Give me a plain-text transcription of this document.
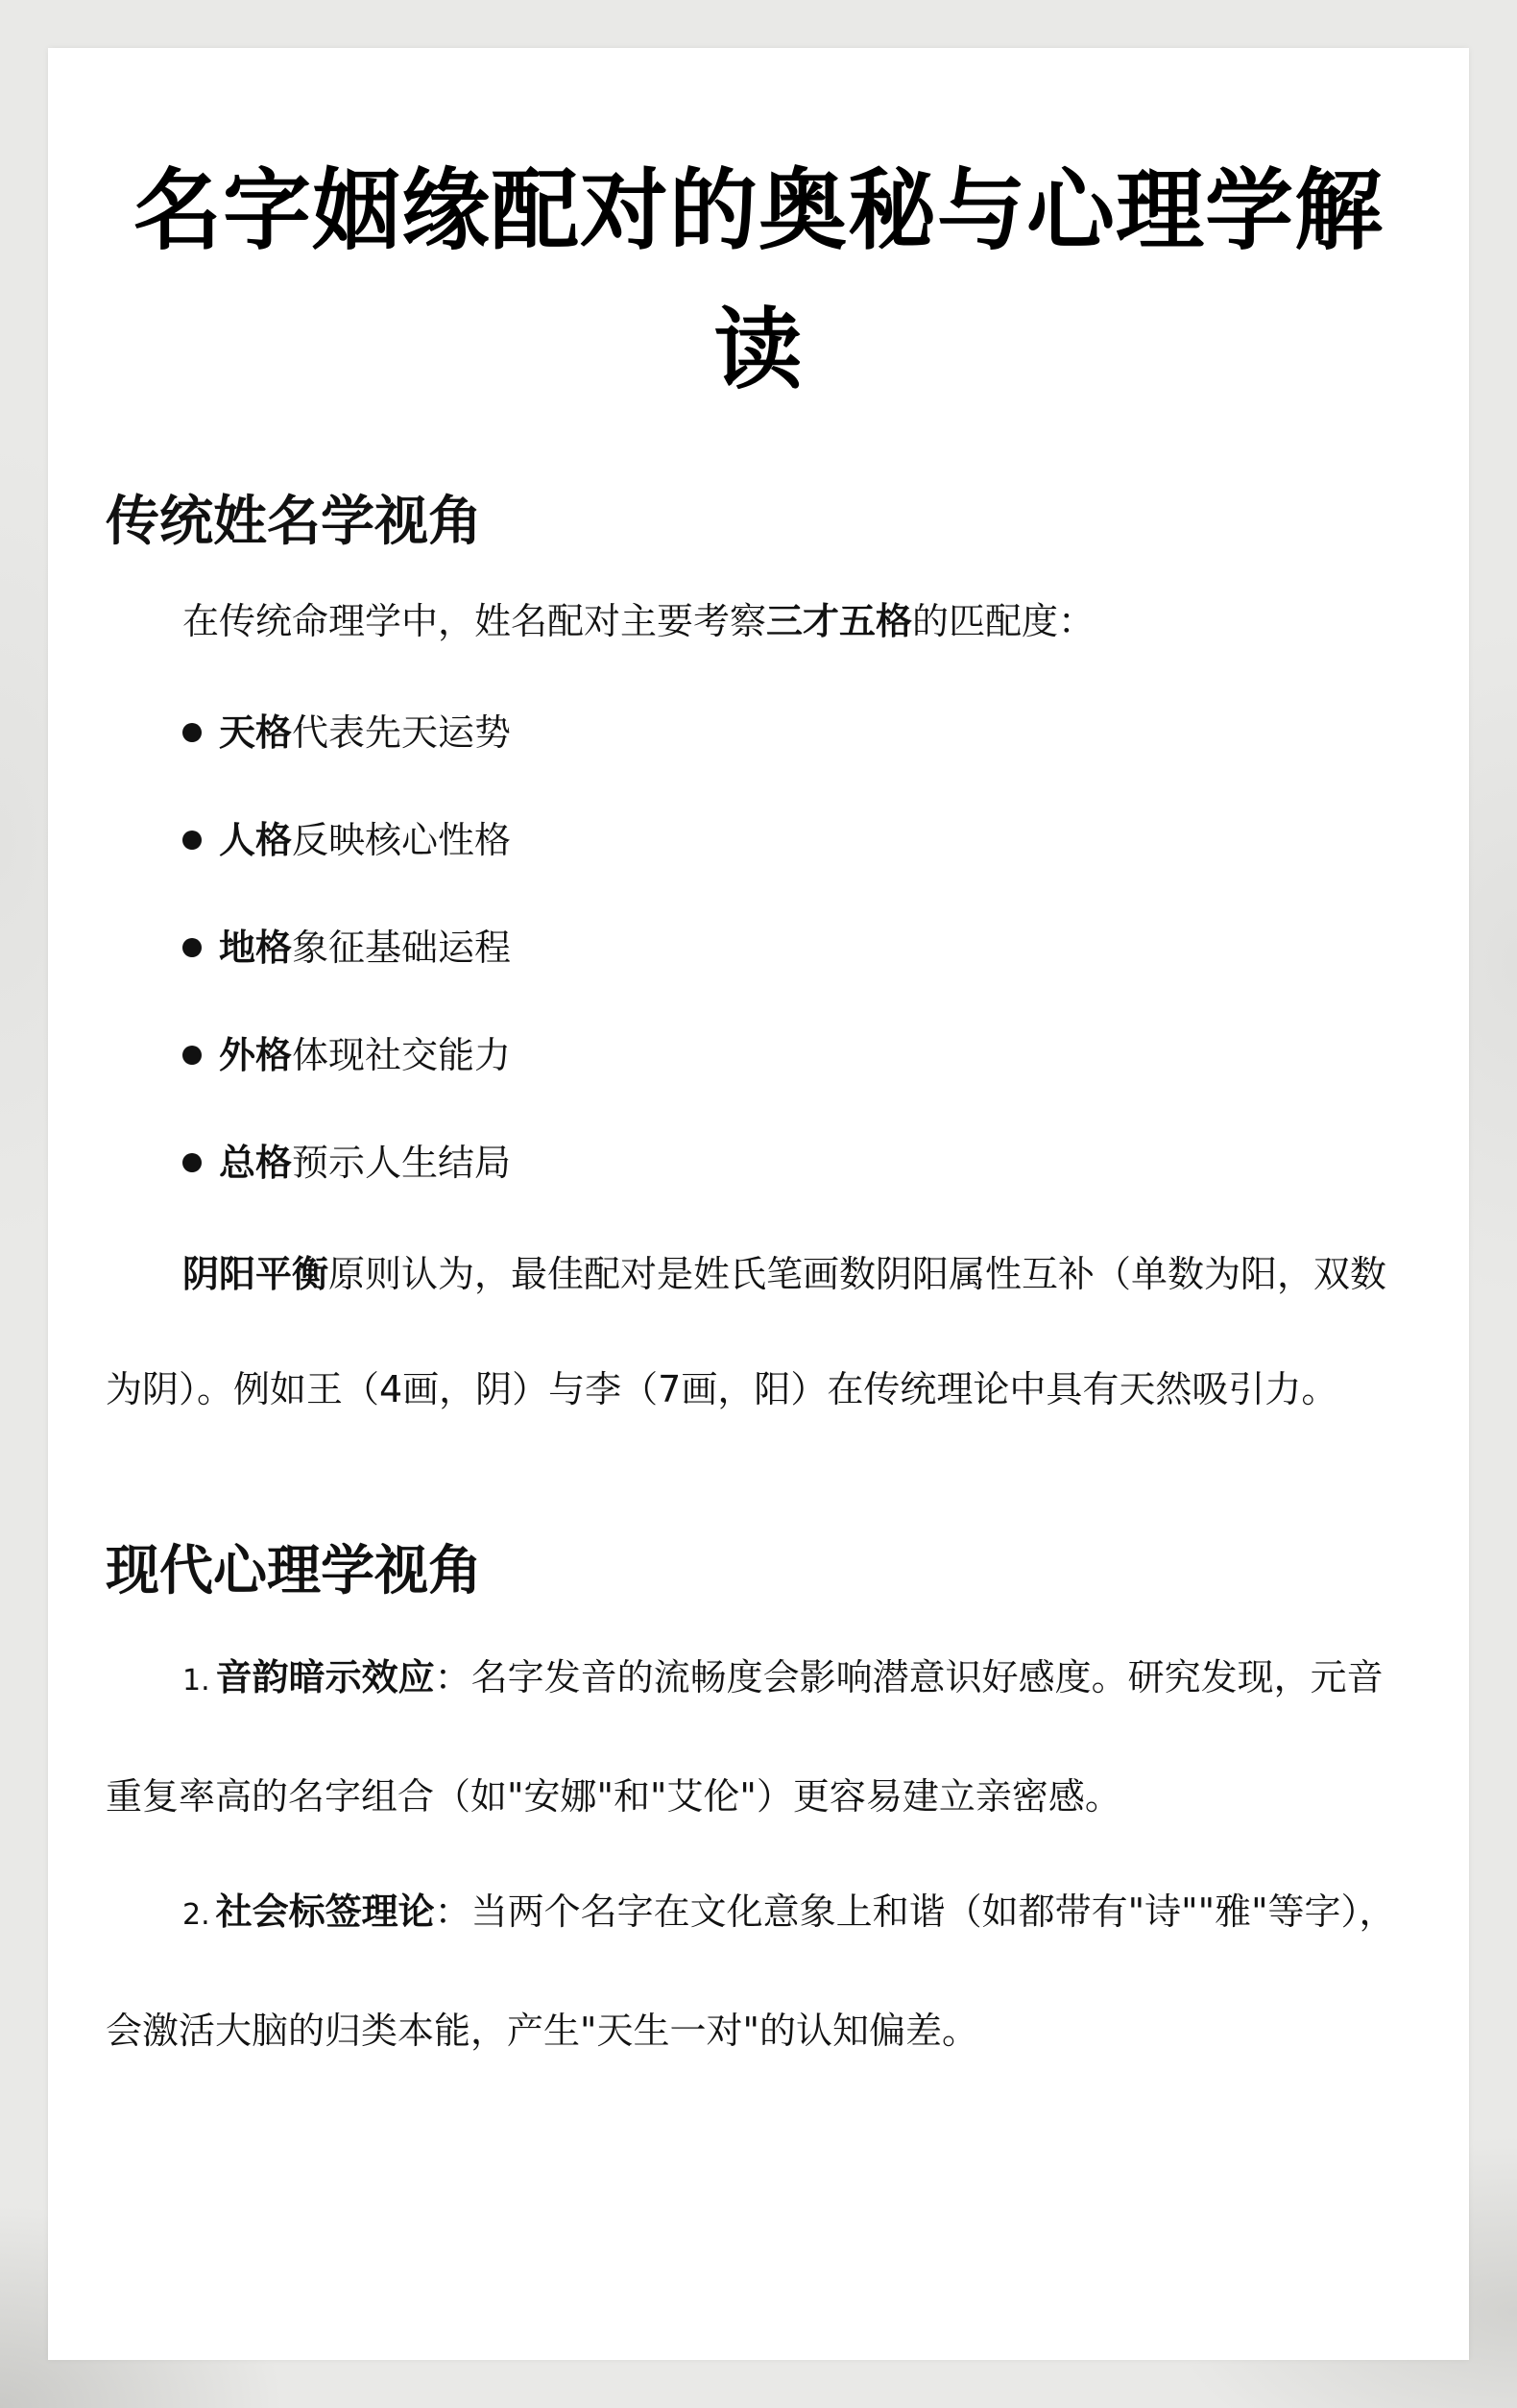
名字姻缘配对的奥秘与心理学解读
传统姓名学视角

在传统命理学中，姓名配对主要考察三才五格的匹配度：

天格 代表先天运势
人格 反映核心性格
地格 象征基础运程
外格 体现社交能力
总格 预示人生结局

阴阳平衡原则认为，最佳配对是姓氏笔画数阴阳属性互补（单数为阳，双数为阴）。例如王（4画，阴）与李（7画，阳）在传统理论中具有天然吸引力。

现代心理学视角

1. 音韵暗示效应：名字发音的流畅度会影响潜意识好感度。研究发现，元音重复率高的名字组合（如"安娜"和"艾伦"）更容易建立亲密感。

2. 社会标签理论：当两个名字在文化意象上和谐（如都带有"诗""雅"等字），会激活大脑的归类本能，产生"天生一对"的认知偏差。
